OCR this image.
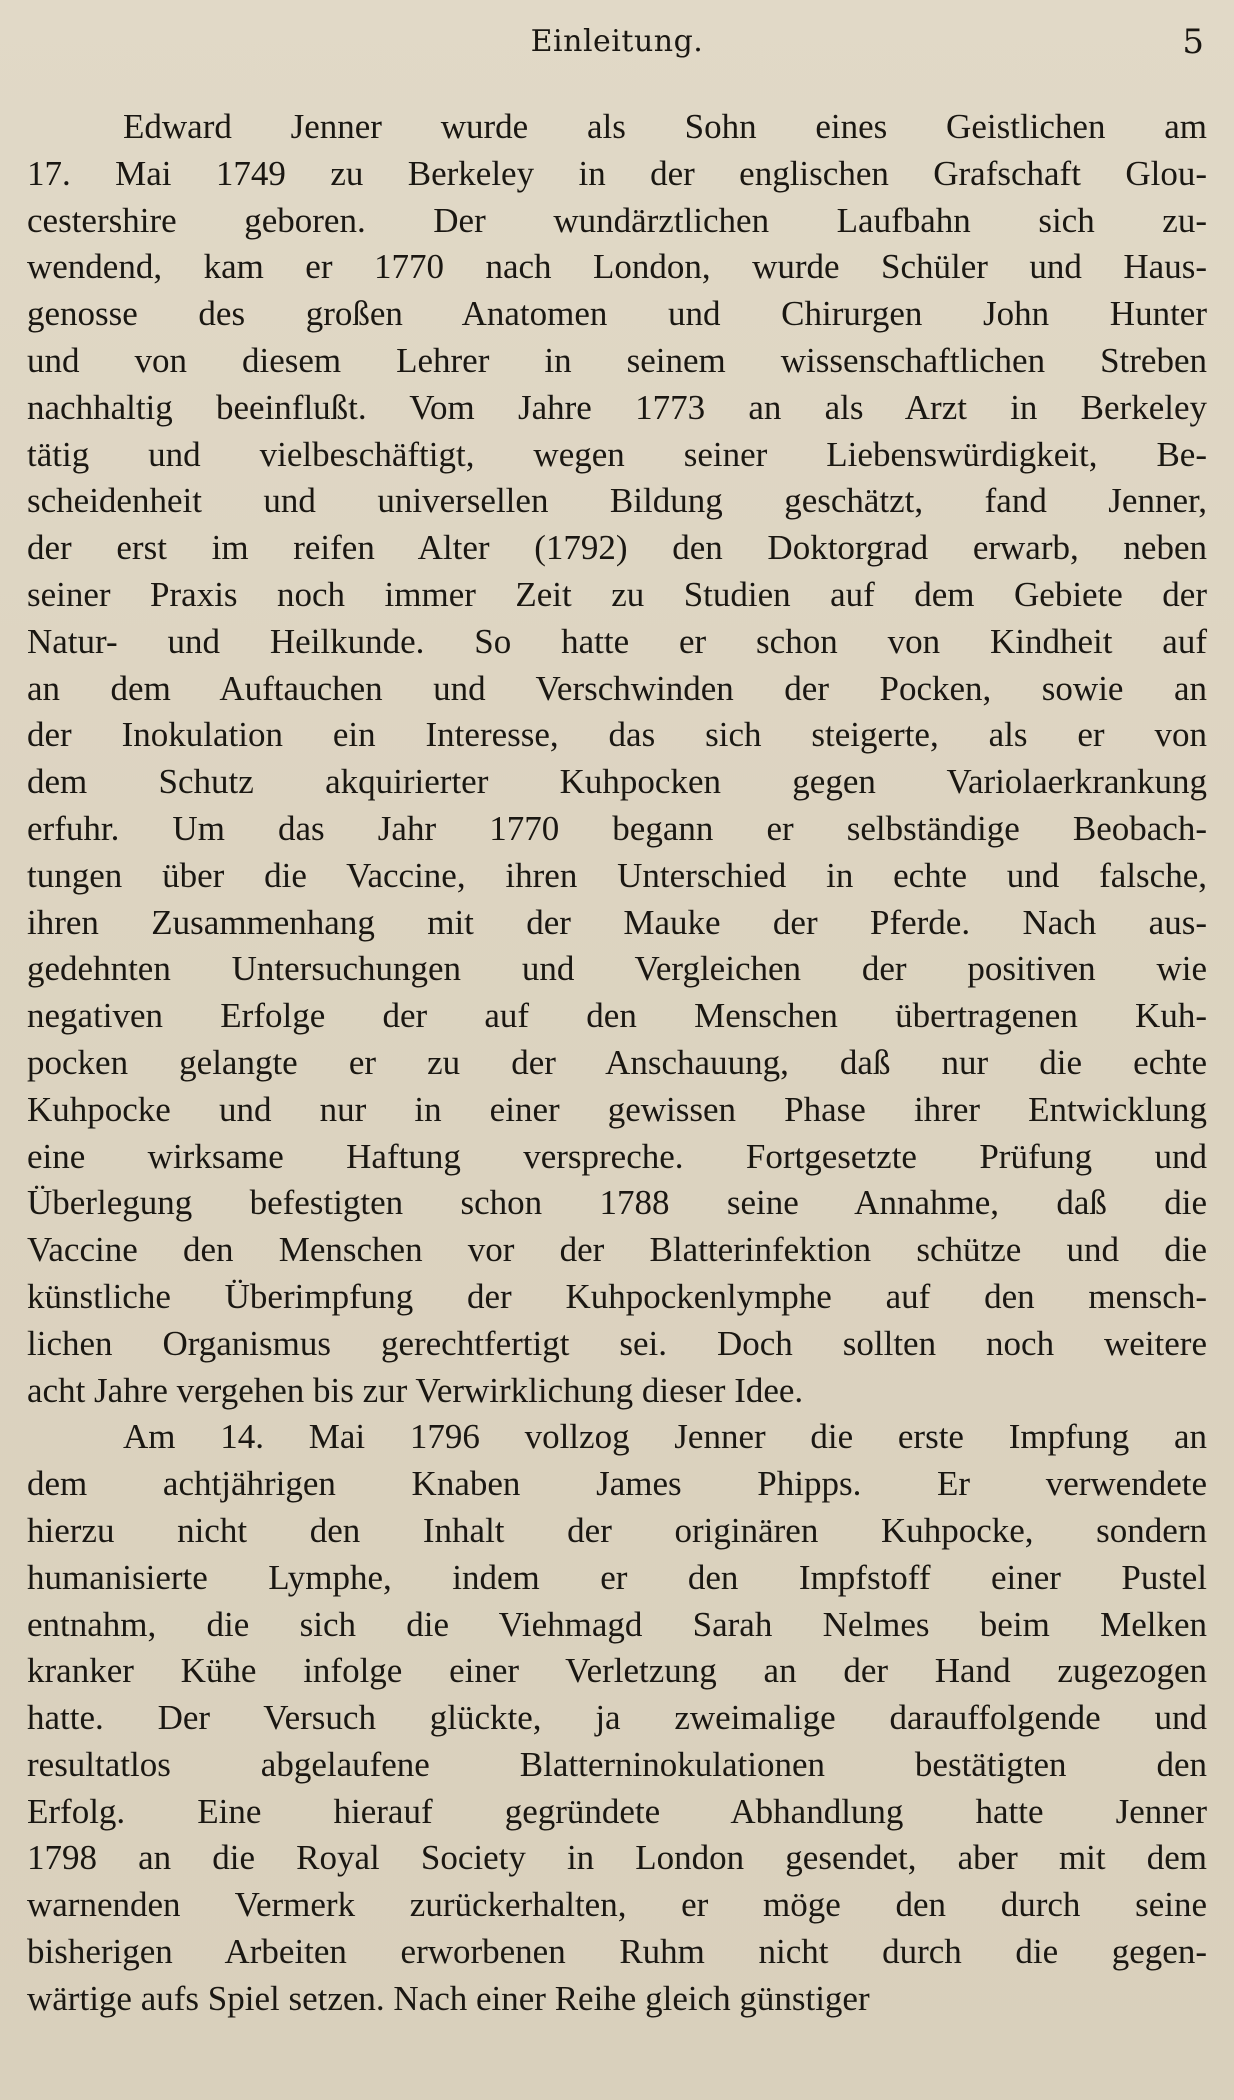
Einleitung.	5
Edward Jenner wurde als Sohn eines Geistlichen am
17. Mai 1749 zu Berkeley in der englischen Grafschaft Glou-
cestershire geboren. Der wundärztlichen Laufbahn sich zu-
wendend, kam er 1770 nach London, wurde Schüler und Haus-
genosse des großen Anatomen und Chirurgen John Hunter
und von diesem Lehrer in seinem wissenschaftlichen Streben
nachhaltig beeinflußt. Vom Jahre 1773 an als Arzt in Berkeley
tätig und vielbeschäftigt, wegen seiner Liebenswürdigkeit, Be-
scheidenheit und universellen Bildung geschätzt, fand Jenner,
der erst im reifen Alter (1792) den Doktorgrad erwarb, neben
seiner Praxis noch immer Zeit zu Studien auf dem Gebiete der
Natur- und Heilkunde. So hatte er schon von Kindheit auf
an dem Auftauchen und Verschwinden der Pocken, sowie an
der Inokulation ein Interesse, das sich steigerte, als er von
dem Schutz akquirierter Kuhpocken gegen Variolaerkrankung
erfuhr. Um das Jahr 1770 begann er selbständige Beobach-
tungen über die Vaccine, ihren Unterschied in echte und falsche,
ihren Zusammenhang mit der Mauke der Pferde. Nach aus-
gedehnten Untersuchungen und Vergleichen der positiven wie
negativen Erfolge der auf den Menschen übertragenen Kuh-
pocken gelangte er zu der Anschauung, daß nur die echte
Kuhpocke und nur in einer gewissen Phase ihrer Entwicklung
eine wirksame Haftung verspreche. Fortgesetzte Prüfung und
Überlegung befestigten schon 1788 seine Annahme, daß die
Vaccine den Menschen vor der Blatterinfektion schütze und die
künstliche Überimpfung der Kuhpockenlymphe auf den mensch-
lichen Organismus gerechtfertigt sei. Doch sollten noch weitere
acht Jahre vergehen bis zur Verwirklichung dieser Idee.
Am 14. Mai 1796 vollzog Jenner die erste Impfung an
dem achtjährigen Knaben James Phipps. Er verwendete
hierzu nicht den Inhalt der originären Kuhpocke, sondern
humanisierte Lymphe, indem er den Impfstoff einer Pustel
entnahm, die sich die Viehmagd Sarah Nelmes beim Melken
kranker Kühe infolge einer Verletzung an der Hand zugezogen
hatte. Der Versuch glückte, ja zweimalige darauffolgende und
resultatlos abgelaufene Blatterninokulationen bestätigten den
Erfolg. Eine hierauf gegründete Abhandlung hatte Jenner
1798 an die Royal Society in London gesendet, aber mit dem
warnenden Vermerk zurückerhalten, er möge den durch seine
bisherigen Arbeiten erworbenen Ruhm nicht durch die gegen-
wärtige aufs Spiel setzen. Nach einer Reihe gleich günstiger
